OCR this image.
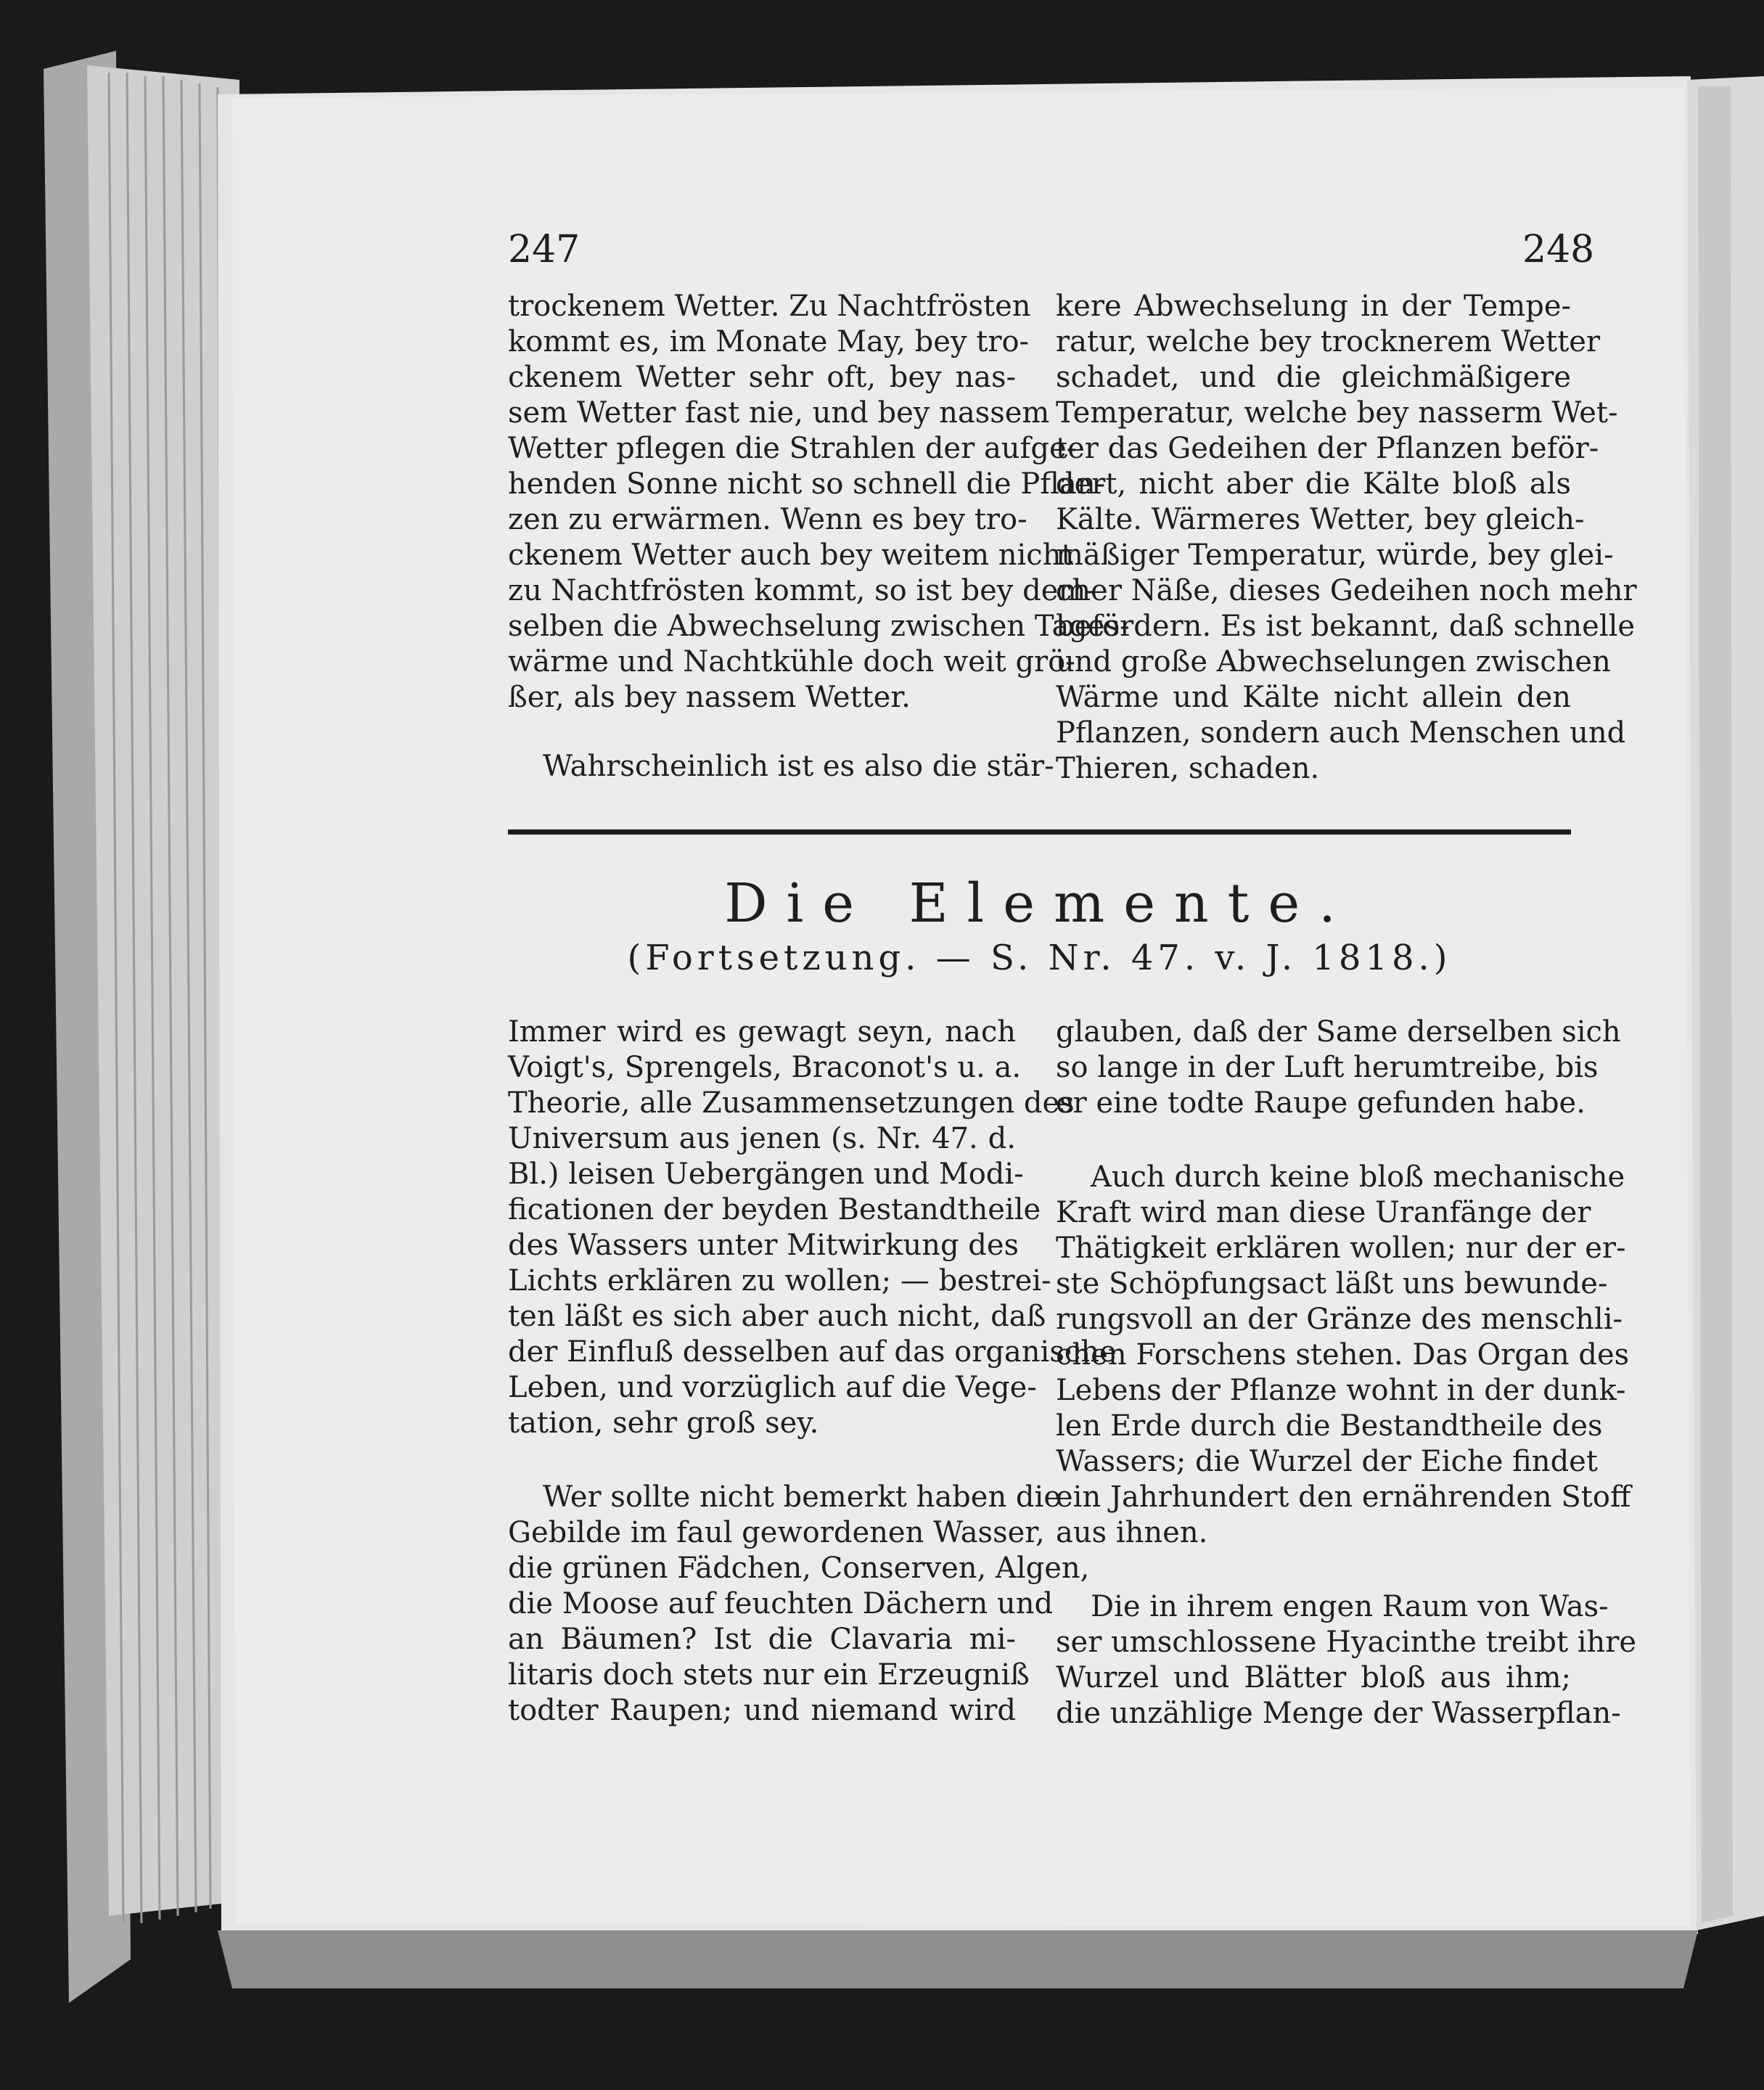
247	248
trockenem Wetter. Zu Nachtfrösten
kommt es, im Monate May, bey tro-
ckenem Wetter sehr oft, bey nas-
sem Wetter fast nie, und bey nassem
Wetter pflegen die Strahlen der aufge-
henden Sonne nicht so schnell die Pflan-
zen zu erwärmen. Wenn es bey tro-
ckenem Wetter auch bey weitem nicht
zu Nachtfrösten kommt, so ist bey dem-
selben die Abwechselung zwischen Tages-
wärme und Nachtkühle doch weit grö-
ßer, als bey nassem Wetter.
Wahrscheinlich ist es also die stär-
kere Abwechselung in der Tempe-
ratur, welche bey trocknerem Wetter
schadet, und die gleichmäßigere
Temperatur, welche bey nasserm Wet-
ter das Gedeihen der Pflanzen beför-
dert, nicht aber die Kälte bloß als
Kälte. Wärmeres Wetter, bey gleich-
mäßiger Temperatur, würde, bey glei-
cher Näße, dieses Gedeihen noch mehr
befördern. Es ist bekannt, daß schnelle
und große Abwechselungen zwischen
Wärme und Kälte nicht allein den
Pflanzen, sondern auch Menschen und
Thieren, schaden.
Die Elemente.
(Fortsetzung. — S. Nr. 47. v. J. 1818.)
Immer wird es gewagt seyn, nach
Voigt's, Sprengels, Braconot's u. a.
Theorie, alle Zusammensetzungen des
Universum aus jenen (s. Nr. 47. d.
Bl.) leisen Uebergängen und Modi-
ficationen der beyden Bestandtheile
des Wassers unter Mitwirkung des
Lichts erklären zu wollen; — bestrei-
ten läßt es sich aber auch nicht, daß
der Einfluß desselben auf das organische
Leben, und vorzüglich auf die Vege-
tation, sehr groß sey.
Wer sollte nicht bemerkt haben die
Gebilde im faul gewordenen Wasser,
die grünen Fädchen, Conserven, Algen,
die Moose auf feuchten Dächern und
an Bäumen? Ist die Clavaria mi-
litaris doch stets nur ein Erzeugniß
todter Raupen; und niemand wird
glauben, daß der Same derselben sich
so lange in der Luft herumtreibe, bis
er eine todte Raupe gefunden habe.
Auch durch keine bloß mechanische
Kraft wird man diese Uranfänge der
Thätigkeit erklären wollen; nur der er-
ste Schöpfungsact läßt uns bewunde-
rungsvoll an der Gränze des menschli-
chen Forschens stehen. Das Organ des
Lebens der Pflanze wohnt in der dunk-
len Erde durch die Bestandtheile des
Wassers; die Wurzel der Eiche findet
ein Jahrhundert den ernährenden Stoff
aus ihnen.
Die in ihrem engen Raum von Was-
ser umschlossene Hyacinthe treibt ihre
Wurzel und Blätter bloß aus ihm;
die unzählige Menge der Wasserpflan-
